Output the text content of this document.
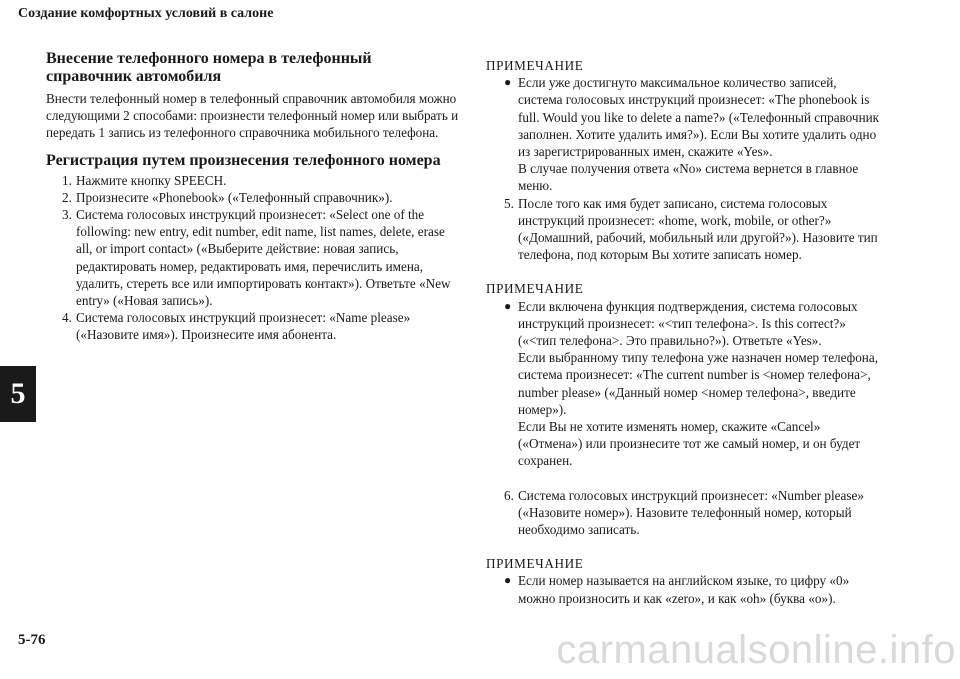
Создание комфортных условий в салоне
5
5-76	carmanualsonline.info
Внесение телефонного номера в телефонный справочник автомобиля

Внести телефонный номер в телефонный справочник автомобиля можно следующими 2 способами: произнести телефонный номер или выбрать и передать 1 запись из телефонного справочника мобильного телефона.

Регистрация путем произнесения телефонного номера
1. Нажмите кнопку SPEECH.
2. Произнесите «Phonebook» («Телефонный справочник»).
3. Система голосовых инструкций произнесет: «Select one of the following: new entry, edit number, edit name, list names, delete, erase all, or import contact» («Выберите действие: новая запись, редактировать номер, редактировать имя, перечислить имена, удалить, стереть все или импортировать контакт»). Ответьте «New entry» («Новая запись»).
4. Система голосовых инструкций произнесет: «Name please» («Назовите имя»). Произнесите имя абонента.
ПРИМЕЧАНИЕ
● Если уже достигнуто максимальное количество записей,
система голосовых инструкций произнесет: «The phonebook is
full. Would you like to delete a name?» («Телефонный справочник
заполнен. Хотите удалить имя?»). Если Вы хотите удалить одно
из зарегистрированных имен, скажите «Yes».
В случае получения ответа «No» система вернется в главное
меню.
5. После того как имя будет записано, система голосовых
инструкций произнесет: «home, work, mobile, or other?»
(«Домашний, рабочий, мобильный или другой?»). Назовите тип
телефона, под которым Вы хотите записать номер.
ПРИМЕЧАНИЕ
● Если включена функция подтверждения, система голосовых
инструкций произнесет: «<тип телефона>. Is this correct?»
(«<тип телефона>. Это правильно?»). Ответьте «Yes».
Если выбранному типу телефона уже назначен номер телефона,
система произнесет: «The current number is <номер телефона>,
number please» («Данный номер <номер телефона>, введите
номер»).
Если Вы не хотите изменять номер, скажите «Cancel»
(«Отмена») или произнесите тот же самый номер, и он будет
сохранен.
6. Система голосовых инструкций произнесет: «Number please»
(«Назовите номер»). Назовите телефонный номер, который
необходимо записать.
ПРИМЕЧАНИЕ
● Если номер называется на английском языке, то цифру «0»
можно произносить и как «zero», и как «oh» (буква «o»).
